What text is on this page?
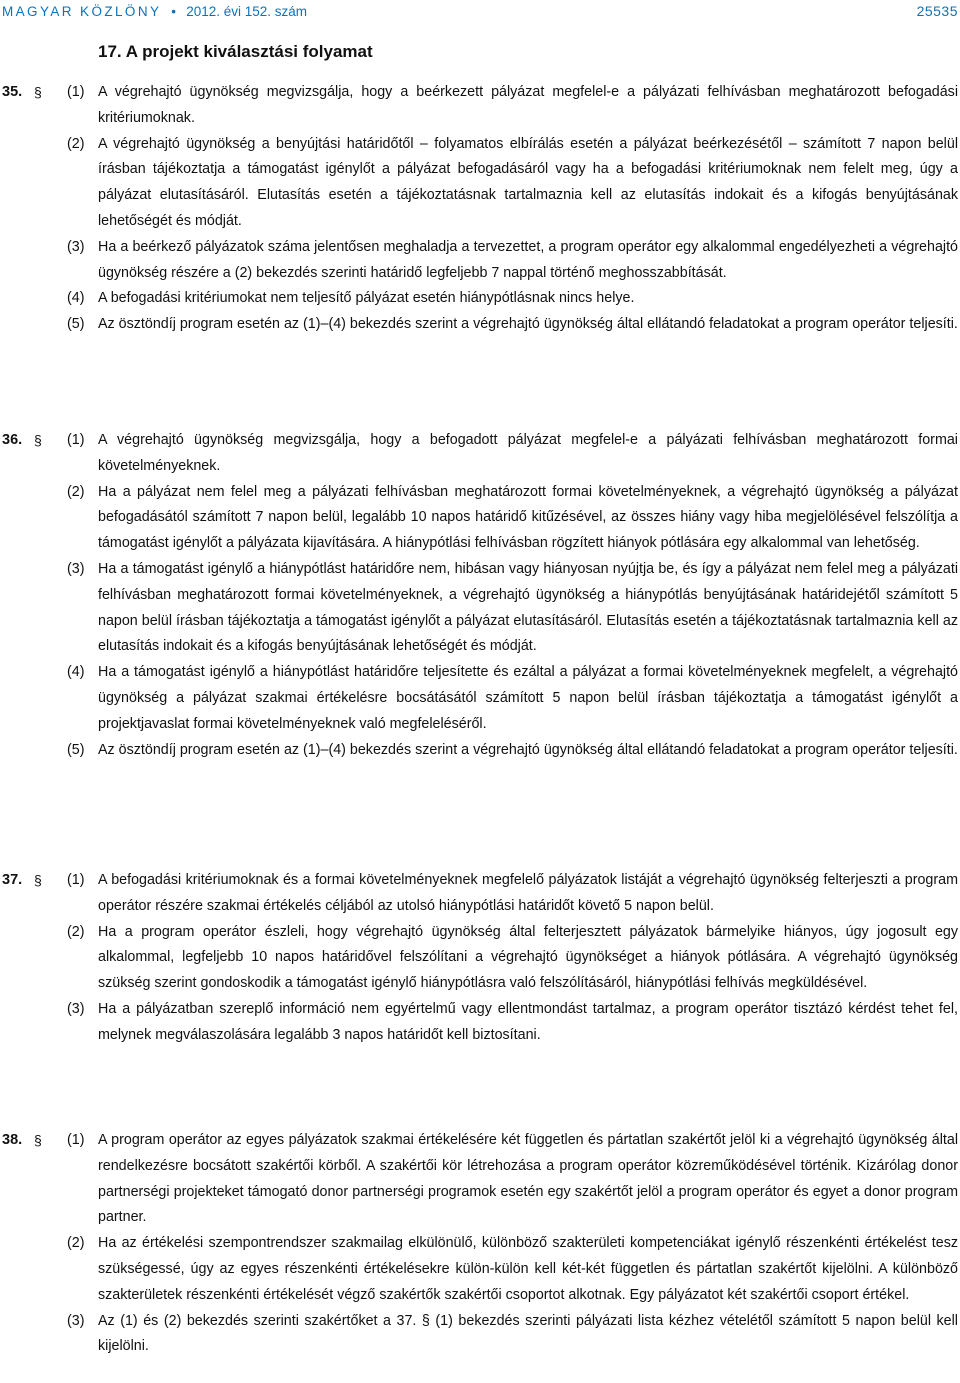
MAGYAR KÖZLÖNY • 2012. évi 152. szám	25535
17. A projekt kiválasztási folyamat
35. § (1) A végrehajtó ügynökség megvizsgálja, hogy a beérkezett pályázat megfelel-e a pályázati felhívásban meghatározott befogadási kritériumoknak.

(2) A végrehajtó ügynökség a benyújtási határidőtől – folyamatos elbírálás esetén a pályázat beérkezésétől – számított 7 napon belül írásban tájékoztatja a támogatást igénylőt a pályázat befogadásáról vagy ha a befogadási kritériumoknak nem felelt meg, úgy a pályázat elutasításáról. Elutasítás esetén a tájékoztatásnak tartalmaznia kell az elutasítás indokait és a kifogás benyújtásának lehetőségét és módját.

(3) Ha a beérkező pályázatok száma jelentősen meghaladja a tervezettet, a program operátor egy alkalommal engedélyezheti a végrehajtó ügynökség részére a (2) bekezdés szerinti határidő legfeljebb 7 nappal történő meghosszabbítását.

(4) A befogadási kritériumokat nem teljesítő pályázat esetén hiánypótlásnak nincs helye.

(5) Az ösztöndíj program esetén az (1)–(4) bekezdés szerint a végrehajtó ügynökség által ellátandó feladatokat a program operátor teljesíti.

36. § (1) A végrehajtó ügynökség megvizsgálja, hogy a befogadott pályázat megfelel-e a pályázati felhívásban meghatározott formai követelményeknek.

(2) Ha a pályázat nem felel meg a pályázati felhívásban meghatározott formai követelményeknek, a végrehajtó ügynökség a pályázat befogadásától számított 7 napon belül, legalább 10 napos határidő kitűzésével, az összes hiány vagy hiba megjelölésével felszólítja a támogatást igénylőt a pályázata kijavítására. A hiánypótlási felhívásban rögzített hiányok pótlására egy alkalommal van lehetőség.

(3) Ha a támogatást igénylő a hiánypótlást határidőre nem, hibásan vagy hiányosan nyújtja be, és így a pályázat nem felel meg a pályázati felhívásban meghatározott formai követelményeknek, a végrehajtó ügynökség a hiánypótlás benyújtásának határidejétől számított 5 napon belül írásban tájékoztatja a támogatást igénylőt a pályázat elutasításáról. Elutasítás esetén a tájékoztatásnak tartalmaznia kell az elutasítás indokait és a kifogás benyújtásának lehetőségét és módját.

(4) Ha a támogatást igénylő a hiánypótlást határidőre teljesítette és ezáltal a pályázat a formai követelményeknek megfelelt, a végrehajtó ügynökség a pályázat szakmai értékelésre bocsátásától számított 5 napon belül írásban tájékoztatja a támogatást igénylőt a projektjavaslat formai követelményeknek való megfeleléséről.

(5) Az ösztöndíj program esetén az (1)–(4) bekezdés szerint a végrehajtó ügynökség által ellátandó feladatokat a program operátor teljesíti.

37. § (1) A befogadási kritériumoknak és a formai követelményeknek megfelelő pályázatok listáját a végrehajtó ügynökség felterjeszti a program operátor részére szakmai értékelés céljából az utolsó hiánypótlási határidőt követő 5 napon belül.

(2) Ha a program operátor észleli, hogy végrehajtó ügynökség által felterjesztett pályázatok bármelyike hiányos, úgy jogosult egy alkalommal, legfeljebb 10 napos határidővel felszólítani a végrehajtó ügynökséget a hiányok pótlására. A végrehajtó ügynökség szükség szerint gondoskodik a támogatást igénylő hiánypótlásra való felszólításáról, hiánypótlási felhívás megküldésével.

(3) Ha a pályázatban szereplő információ nem egyértelmű vagy ellentmondást tartalmaz, a program operátor tisztázó kérdést tehet fel, melynek megválaszolására legalább 3 napos határidőt kell biztosítani.

38. § (1) A program operátor az egyes pályázatok szakmai értékelésére két független és pártatlan szakértőt jelöl ki a végrehajtó ügynökség által rendelkezésre bocsátott szakértői körből. A szakértői kör létrehozása a program operátor közreműködésével történik. Kizárólag donor partnerségi projekteket támogató donor partnerségi programok esetén egy szakértőt jelöl a program operátor és egyet a donor program partner.

(2) Ha az értékelési szempontrendszer szakmailag elkülönülő, különböző szakterületi kompetenciákat igénylő részenkénti értékelést tesz szükségessé, úgy az egyes részenkénti értékelésekre külön-külön kell két-két független és pártatlan szakértőt kijelölni. A különböző szakterületek részenkénti értékelését végző szakértők szakértői csoportot alkotnak. Egy pályázatot két szakértői csoport értékel.

(3) Az (1) és (2) bekezdés szerinti szakértőket a 37. § (1) bekezdés szerinti pályázati lista kézhez vételétől számított 5 napon belül kell kijelölni.
